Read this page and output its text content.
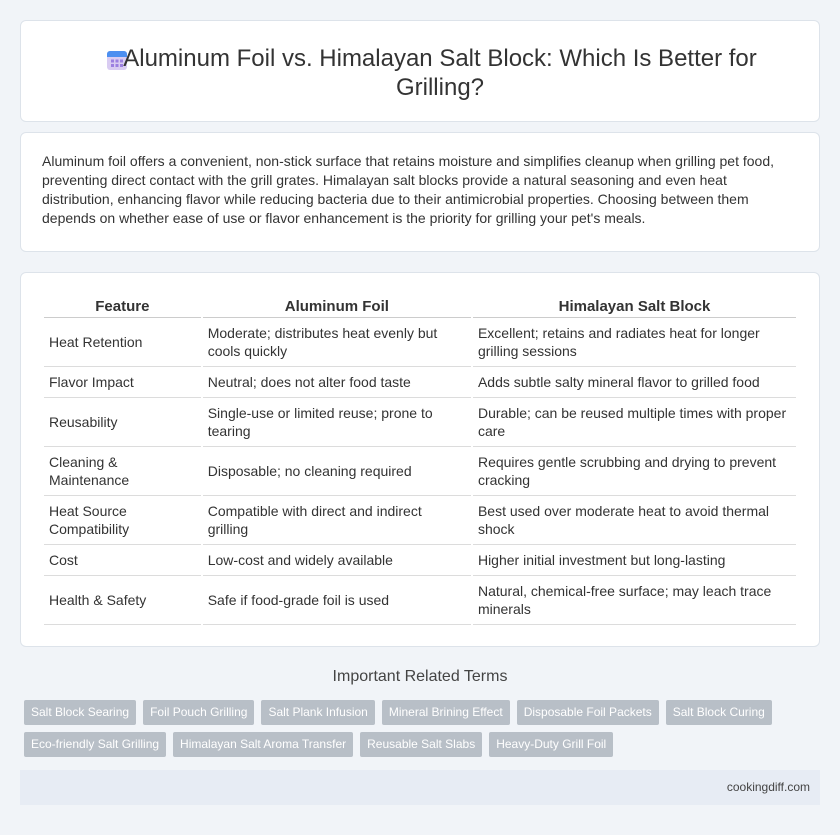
Aluminum Foil vs. Himalayan Salt Block: Which Is Better for Grilling?

Aluminum foil offers a convenient, non-stick surface that retains moisture and simplifies cleanup when grilling pet food, preventing direct contact with the grill grates. Himalayan salt blocks provide a natural seasoning and even heat distribution, enhancing flavor while reducing bacteria due to their antimicrobial properties. Choosing between them depends on whether ease of use or flavor enhancement is the priority for grilling your pet's meals.

Feature	Aluminum Foil	Himalayan Salt Block
Heat Retention	Moderate; distributes heat evenly but cools quickly	Excellent; retains and radiates heat for longer grilling sessions
Flavor Impact	Neutral; does not alter food taste	Adds subtle salty mineral flavor to grilled food
Reusability	Single-use or limited reuse; prone to tearing	Durable; can be reused multiple times with proper care
Cleaning & Maintenance	Disposable; no cleaning required	Requires gentle scrubbing and drying to prevent cracking
Heat Source Compatibility	Compatible with direct and indirect grilling	Best used over moderate heat to avoid thermal shock
Cost	Low-cost and widely available	Higher initial investment but long-lasting
Health & Safety	Safe if food-grade foil is used	Natural, chemical-free surface; may leach trace minerals
Important Related Terms
Salt Block Searing	Foil Pouch Grilling	Salt Plank Infusion	Mineral Brining Effect	Disposable Foil Packets	Salt Block Curing
Eco-friendly Salt Grilling	Himalayan Salt Aroma Transfer	Reusable Salt Slabs	Heavy-Duty Grill Foil
cookingdiff.com
